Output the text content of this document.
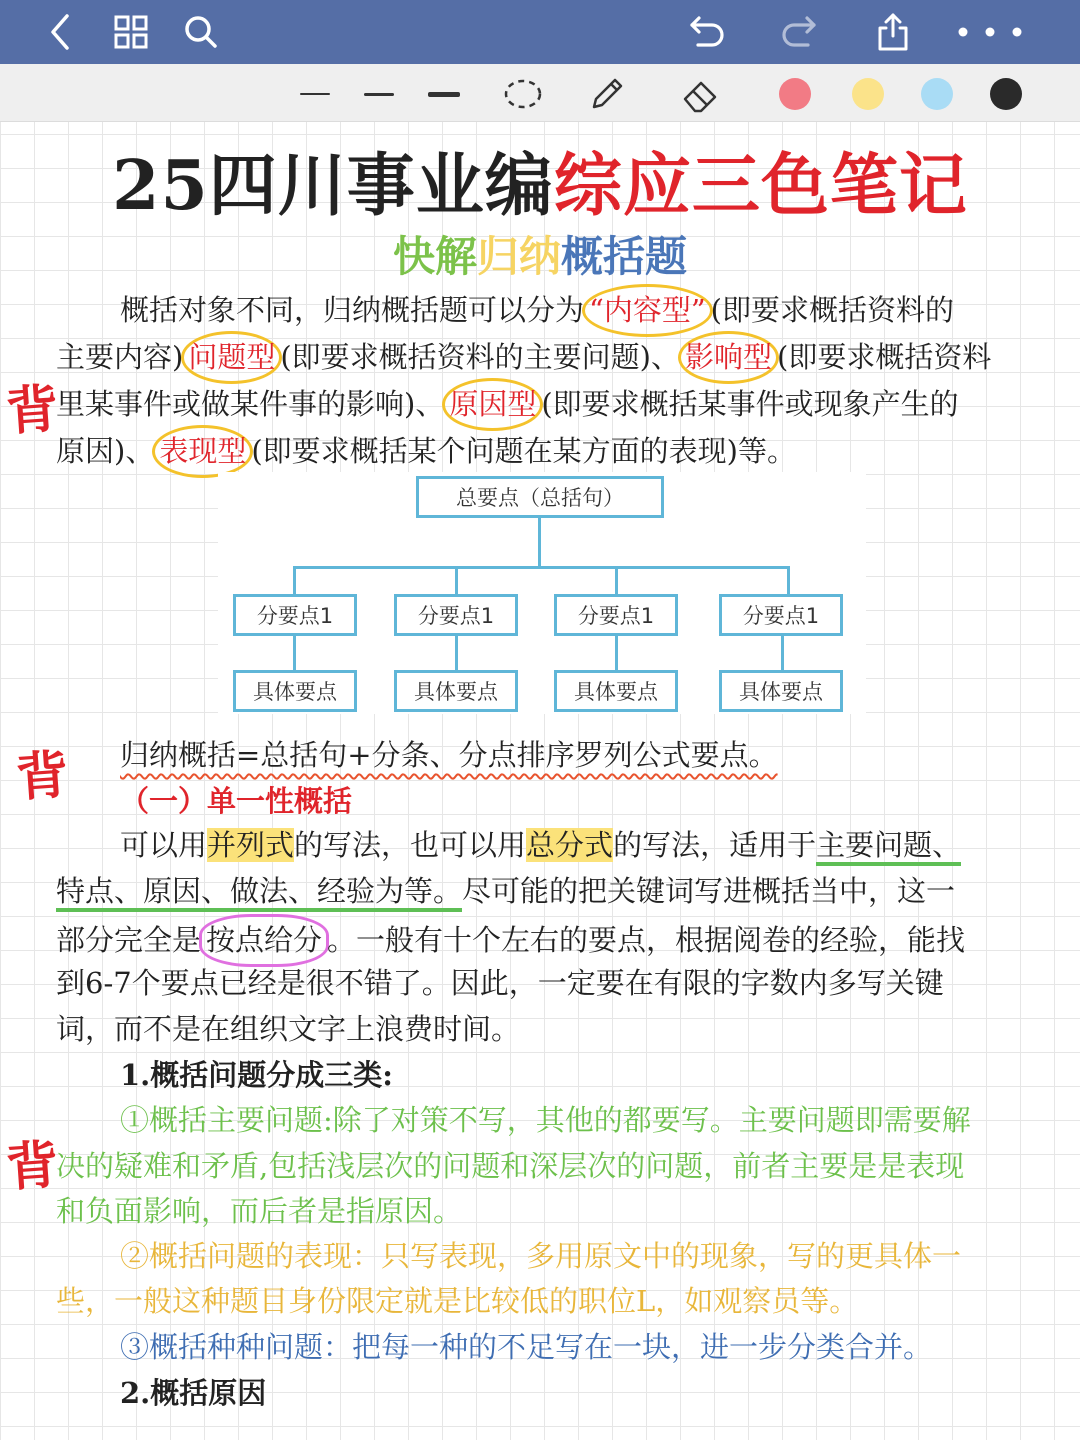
25四川事业编综应三色笔记
快解归纳概括题
概括对象不同，归纳概括题可以分为 “内容型” (即要求概括资料的
主要内容) 问题型 (即要求概括资料的主要问题)、 影响型 (即要求概括资料
里某事件或做某件事的影响)、 原因型 (即要求概括某事件或现象产生的
原因)、 表现型 (即要求概括某个问题在某方面的表现)等。
背
总要点（总括句）
分要点1	分要点1	分要点1	分要点1
具体要点	具体要点	具体要点	具体要点
背	归纳概括=总括句+分条、分点排序罗列公式要点。
（一）单一性概括
可以用并列式的写法，也可以用总分式的写法，适用于主要问题、
特点、原因、做法、经验为等。尽可能的把关键词写进概括当中，这一
部分完全是 按点给分 。一般有十个左右的要点，根据阅卷的经验，能找
到6-7个要点已经是很不错了。因此，一定要在有限的字数内多写关键
词，而不是在组织文字上浪费时间。
1.概括问题分成三类:
背
①概括主要问题:除了对策不写，其他的都要写。主要问题即需要解
决的疑难和矛盾,包括浅层次的问题和深层次的问题，前者主要是是表现
和负面影响，而后者是指原因。
②概括问题的表现：只写表现，多用原文中的现象，写的更具体一
些，一般这种题目身份限定就是比较低的职位L，如观察员等。
③概括种种问题：把每一种的不足写在一块，进一步分类合并。
2.概括原因
